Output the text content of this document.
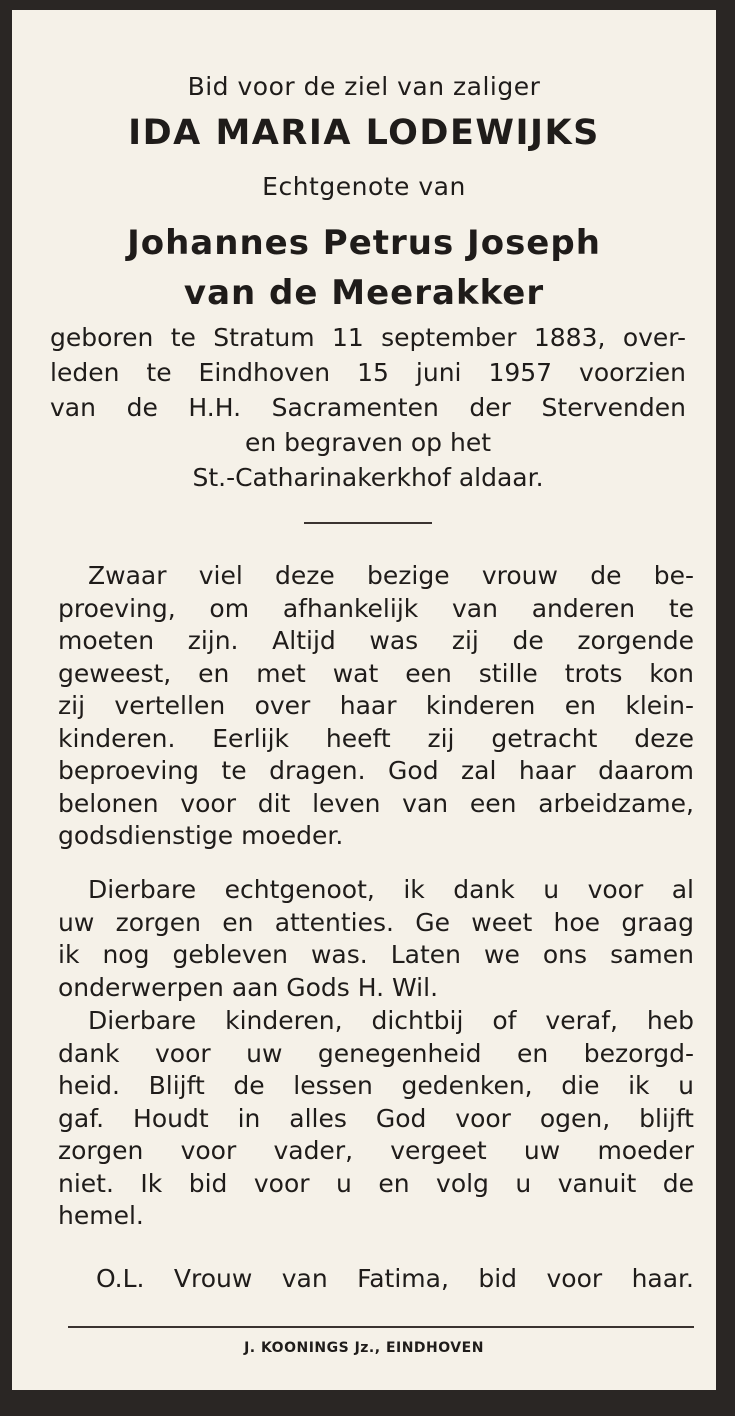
Bid voor de ziel van zaliger
IDA MARIA LODEWIJKS
Echtgenote van
Johannes Petrus Joseph
van de Meerakker
geboren te Stratum 11 september 1883, over-
leden te Eindhoven 15 juni 1957 voorzien
van de H.H. Sacramenten der Stervenden
en begraven op het
St.-Catharinakerkhof aldaar.
Zwaar viel deze bezige vrouw de be-
proeving, om afhankelijk van anderen te
moeten zijn. Altijd was zij de zorgende
geweest, en met wat een stille trots kon
zij vertellen over haar kinderen en klein-
kinderen. Eerlijk heeft zij getracht deze
beproeving te dragen. God zal haar daarom
belonen voor dit leven van een arbeidzame,
godsdienstige moeder.
Dierbare echtgenoot, ik dank u voor al
uw zorgen en attenties. Ge weet hoe graag
ik nog gebleven was. Laten we ons samen
onderwerpen aan Gods H. Wil.
Dierbare kinderen, dichtbij of veraf, heb
dank voor uw genegenheid en bezorgd-
heid. Blijft de lessen gedenken, die ik u
gaf. Houdt in alles God voor ogen, blijft
zorgen voor vader, vergeet uw moeder
niet. Ik bid voor u en volg u vanuit de
hemel.
O.L. Vrouw van Fatima, bid voor haar.
J. KOONINGS Jz., EINDHOVEN
